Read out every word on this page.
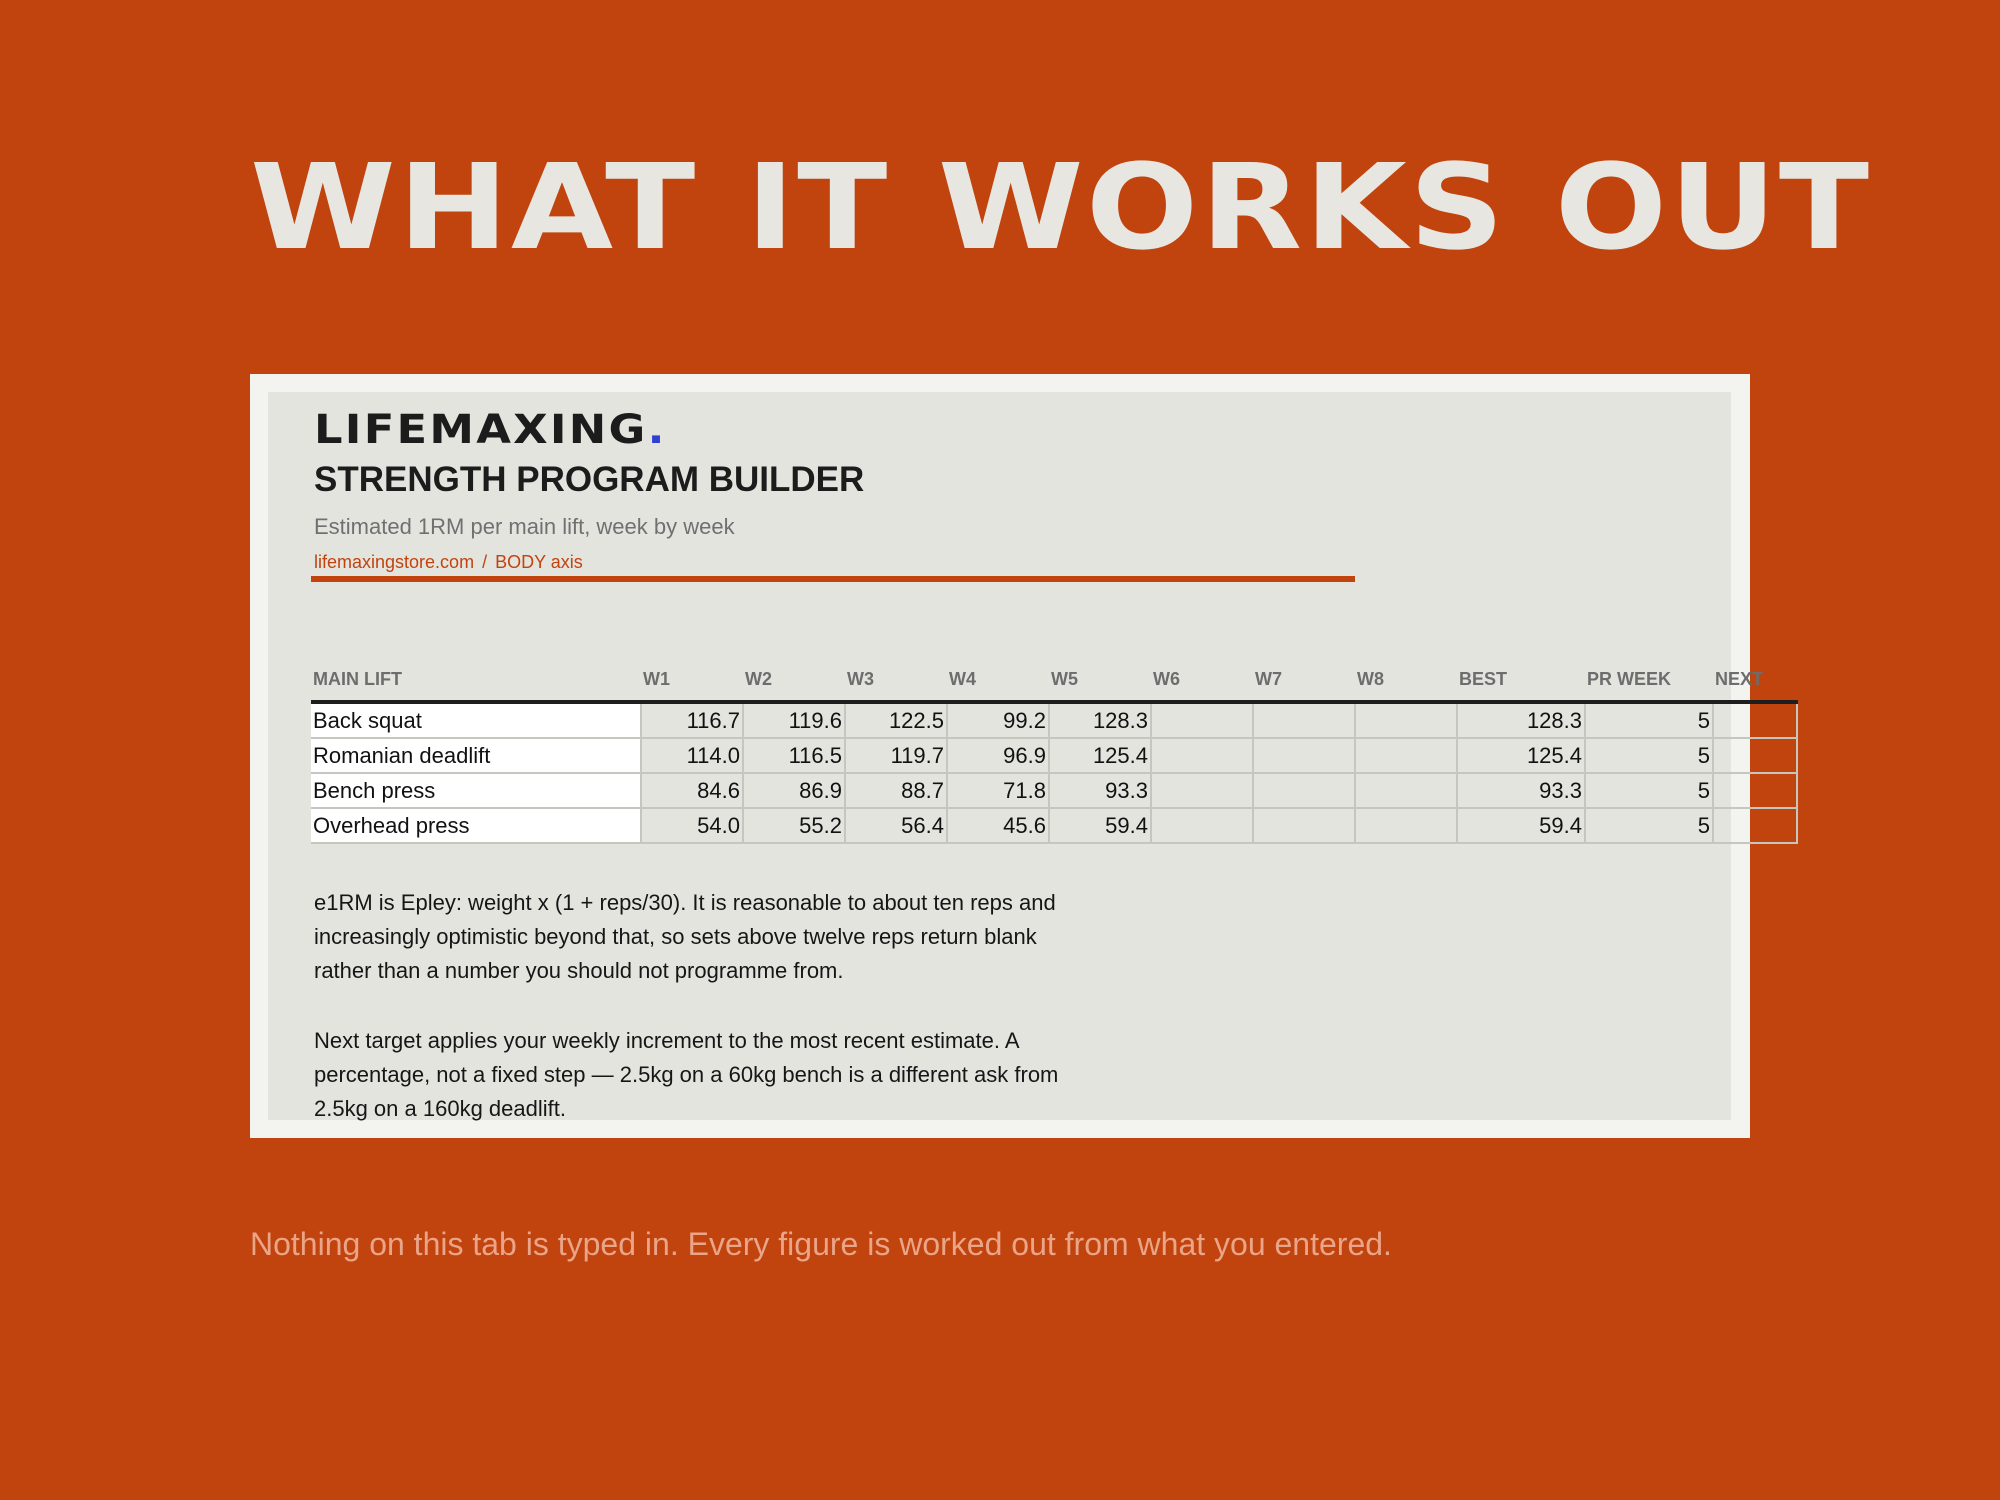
WHAT IT WORKS OUT
LIFEMAXING.
STRENGTH PROGRAM BUILDER

Estimated 1RM per main lift, week by week

lifemaxingstore.com / BODY axis

MAIN LIFT	W1	W2	W3	W4	W5	W6	W7	W8	BEST	PR WEEK	NEXT
Back squat	116.7	119.6	122.5	99.2	128.3				128.3	5	
Romanian deadlift	114.0	116.5	119.7	96.9	125.4				125.4	5	
Bench press	84.6	86.9	88.7	71.8	93.3				93.3	5	
Overhead press	54.0	55.2	56.4	45.6	59.4				59.4	5	

e1RM is Epley: weight x (1 + reps/30). It is reasonable to about ten reps and increasingly optimistic beyond that, so sets above twelve reps return blank rather than a number you should not programme from.

Next target applies your weekly increment to the most recent estimate. A percentage, not a fixed step — 2.5kg on a 60kg bench is a different ask from 2.5kg on a 160kg deadlift.

Nothing on this tab is typed in. Every figure is worked out from what you entered.
